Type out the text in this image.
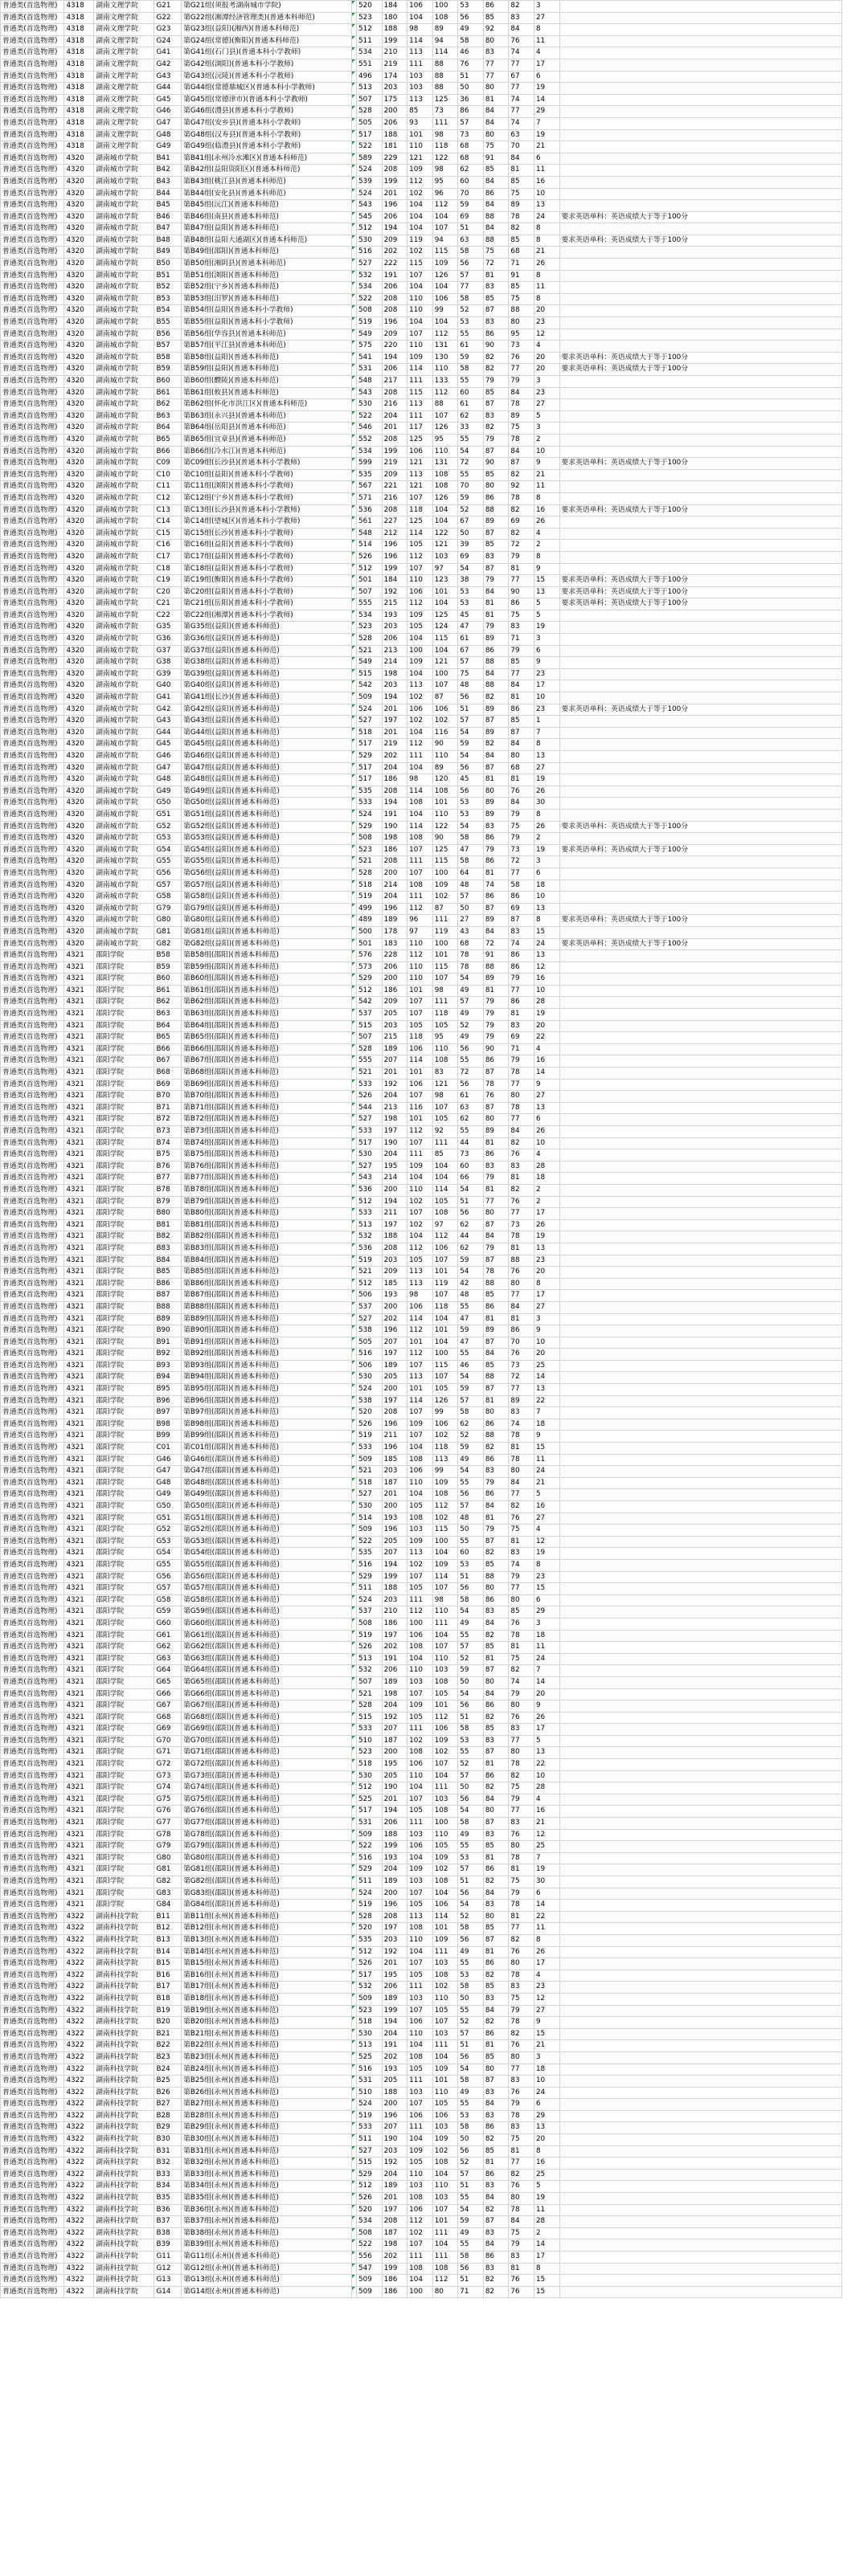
普通类(首选物理)	4318	湖南文理学院	G21	第G21组(须报考湖南城市学院)		520	184	106	100	53	86	82	3	
普通类(首选物理)	4318	湖南文理学院	G22	第G22组(湘潭经济管理类)(普通本科师范)		523	180	104	108	56	85	83	27	
普通类(首选物理)	4318	湖南文理学院	G23	第G23组(益阳)(湘西)(普通本科师范)		512	188	98	89	49	92	84	8	
普通类(首选物理)	4318	湖南文理学院	G24	第G24组(常德)(衡阳)(普通本科师范)		511	199	114	94	58	80	76	11	
普通类(首选物理)	4318	湖南文理学院	G41	第G41组(石门县)(普通本科小学教师)		534	210	113	114	46	83	74	4	
普通类(首选物理)	4318	湖南文理学院	G42	第G42组(浏阳)(普通本科小学教师)		551	219	111	88	76	77	77	17	
普通类(首选物理)	4318	湖南文理学院	G43	第G43组(沅陵)(普通本科小学教师)		496	174	103	88	51	77	67	6	
普通类(首选物理)	4318	湖南文理学院	G44	第G44组(常德鼎城区)(普通本科小学教师)		513	203	103	88	50	80	77	19	
普通类(首选物理)	4318	湖南文理学院	G45	第G45组(常德津市)(普通本科小学教师)		507	175	113	125	36	81	74	14	
普通类(首选物理)	4318	湖南文理学院	G46	第G46组(澧县)(普通本科小学教师)		528	200	85	73	86	84	77	29	
普通类(首选物理)	4318	湖南文理学院	G47	第G47组(安乡县)(普通本科小学教师)		505	206	93	111	57	84	74	7	
普通类(首选物理)	4318	湖南文理学院	G48	第G48组(汉寿县)(普通本科小学教师)		517	188	101	98	73	80	63	19	
普通类(首选物理)	4318	湖南文理学院	G49	第G49组(临澧县)(普通本科小学教师)		522	181	110	118	68	75	70	21	
普通类(首选物理)	4320	湖南城市学院	B41	第B41组(永州冷水滩区)(普通本科师范)		589	229	121	122	68	91	84	6	
普通类(首选物理)	4320	湖南城市学院	B42	第B42组(益阳资阳区)(普通本科师范)		524	208	109	98	62	85	81	11	
普通类(首选物理)	4320	湖南城市学院	B43	第B43组(桃江县)(普通本科师范)		539	199	112	95	60	84	85	16	
普通类(首选物理)	4320	湖南城市学院	B44	第B44组(安化县)(普通本科师范)		524	201	102	96	70	86	75	10	
普通类(首选物理)	4320	湖南城市学院	B45	第B45组(沅江)(普通本科师范)		543	196	104	112	59	84	89	13	
普通类(首选物理)	4320	湖南城市学院	B46	第B46组(南县)(普通本科师范)		545	206	104	104	69	88	78	24	要求英语单科：英语成绩大于等于100分
普通类(首选物理)	4320	湖南城市学院	B47	第B47组(益阳)(普通本科师范)		512	194	104	107	51	84	82	8	
普通类(首选物理)	4320	湖南城市学院	B48	第B48组(益阳大通湖区)(普通本科师范)		530	209	119	94	63	88	85	8	要求英语单科：英语成绩大于等于100分
普通类(首选物理)	4320	湖南城市学院	B49	第B49组(邵阳)(普通本科师范)		516	202	102	115	58	75	68	21	
普通类(首选物理)	4320	湖南城市学院	B50	第B50组(湘阴县)(普通本科师范)		527	222	115	109	56	72	71	26	
普通类(首选物理)	4320	湖南城市学院	B51	第B51组(浏阳)(普通本科师范)		532	191	107	126	57	81	91	8	
普通类(首选物理)	4320	湖南城市学院	B52	第B52组(宁乡)(普通本科师范)		534	206	104	104	77	83	85	11	
普通类(首选物理)	4320	湖南城市学院	B53	第B53组(汨罗)(普通本科师范)		522	208	110	106	58	85	75	8	
普通类(首选物理)	4320	湖南城市学院	B54	第B54组(益阳)(普通本科小学教师)		508	208	110	99	52	87	88	20	
普通类(首选物理)	4320	湖南城市学院	B55	第B55组(益阳)(普通本科小学教师)		519	196	104	104	53	83	80	23	
普通类(首选物理)	4320	湖南城市学院	B56	第B56组(华容县)(普通本科师范)		549	209	107	112	55	86	95	12	
普通类(首选物理)	4320	湖南城市学院	B57	第B57组(平江县)(普通本科师范)		575	220	110	131	61	90	73	4	
普通类(首选物理)	4320	湖南城市学院	B58	第B58组(益阳)(普通本科师范)		541	194	109	130	59	82	76	20	要求英语单科：英语成绩大于等于100分
普通类(首选物理)	4320	湖南城市学院	B59	第B59组(益阳)(普通本科师范)		531	206	114	110	58	82	77	20	要求英语单科：英语成绩大于等于100分
普通类(首选物理)	4320	湖南城市学院	B60	第B60组(醴陵)(普通本科师范)		548	217	111	133	55	79	79	3	
普通类(首选物理)	4320	湖南城市学院	B61	第B61组(攸县)(普通本科师范)		543	208	115	112	60	85	84	23	
普通类(首选物理)	4320	湖南城市学院	B62	第B62组(怀化市洪江区)(普通本科师范)		530	216	113	88	61	87	78	27	
普通类(首选物理)	4320	湖南城市学院	B63	第B63组(永兴县)(普通本科师范)		522	204	111	107	62	83	89	5	
普通类(首选物理)	4320	湖南城市学院	B64	第B64组(岳阳县)(普通本科师范)		546	201	117	126	33	82	75	3	
普通类(首选物理)	4320	湖南城市学院	B65	第B65组(宜章县)(普通本科师范)		552	208	125	95	55	79	78	2	
普通类(首选物理)	4320	湖南城市学院	B66	第B66组(冷水江)(普通本科师范)		534	199	106	110	54	87	84	10	
普通类(首选物理)	4320	湖南城市学院	C09	第C09组(长沙县)(普通本科小学教师)		599	219	121	131	72	90	87	9	要求英语单科：英语成绩大于等于100分
普通类(首选物理)	4320	湖南城市学院	C10	第C10组(益阳)(普通本科小学教师)		535	209	113	108	55	85	82	21	
普通类(首选物理)	4320	湖南城市学院	C11	第C11组(浏阳)(普通本科小学教师)		567	221	121	108	70	80	92	11	
普通类(首选物理)	4320	湖南城市学院	C12	第C12组(宁乡)(普通本科小学教师)		571	216	107	126	59	86	78	8	
普通类(首选物理)	4320	湖南城市学院	C13	第C13组(长沙县)(普通本科小学教师)		536	208	118	104	52	88	82	16	要求英语单科：英语成绩大于等于100分
普通类(首选物理)	4320	湖南城市学院	C14	第C14组(望城区)(普通本科小学教师)		561	227	125	104	67	89	69	26	
普通类(首选物理)	4320	湖南城市学院	C15	第C15组(长沙)(普通本科小学教师)		548	212	114	122	50	87	82	4	
普通类(首选物理)	4320	湖南城市学院	C16	第C16组(益阳)(普通本科小学教师)		514	196	105	121	39	85	72	2	
普通类(首选物理)	4320	湖南城市学院	C17	第C17组(益阳)(普通本科小学教师)		526	196	112	103	69	83	79	8	
普通类(首选物理)	4320	湖南城市学院	C18	第C18组(益阳)(普通本科小学教师)		512	199	107	97	54	87	81	9	
普通类(首选物理)	4320	湖南城市学院	C19	第C19组(衡阳)(普通本科小学教师)		501	184	110	123	38	79	77	15	要求英语单科：英语成绩大于等于100分
普通类(首选物理)	4320	湖南城市学院	C20	第C20组(益阳)(普通本科小学教师)		507	192	106	101	53	84	90	13	要求英语单科：英语成绩大于等于100分
普通类(首选物理)	4320	湖南城市学院	C21	第C21组(岳阳)(普通本科小学教师)		555	215	112	104	53	81	86	5	要求英语单科：英语成绩大于等于100分
普通类(首选物理)	4320	湖南城市学院	C22	第C22组(湘潭)(普通本科小学教师)		534	193	109	125	45	81	75	5	
普通类(首选物理)	4320	湖南城市学院	G35	第G35组(益阳)(普通本科师范)		523	203	105	124	47	79	83	19	
普通类(首选物理)	4320	湖南城市学院	G36	第G36组(益阳)(普通本科师范)		528	206	104	115	61	89	71	3	
普通类(首选物理)	4320	湖南城市学院	G37	第G37组(益阳)(普通本科师范)		521	213	100	104	67	86	79	6	
普通类(首选物理)	4320	湖南城市学院	G38	第G38组(益阳)(普通本科师范)		549	214	109	121	57	88	85	9	
普通类(首选物理)	4320	湖南城市学院	G39	第G39组(益阳)(普通本科师范)		515	198	104	100	75	84	77	23	
普通类(首选物理)	4320	湖南城市学院	G40	第G40组(益阳)(普通本科师范)		542	203	113	107	48	88	84	17	
普通类(首选物理)	4320	湖南城市学院	G41	第G41组(长沙)(普通本科师范)		509	194	102	87	56	82	81	10	
普通类(首选物理)	4320	湖南城市学院	G42	第G42组(益阳)(普通本科师范)		524	201	106	106	51	89	86	23	要求英语单科：英语成绩大于等于100分
普通类(首选物理)	4320	湖南城市学院	G43	第G43组(益阳)(普通本科师范)		527	197	102	102	57	87	85	1	
普通类(首选物理)	4320	湖南城市学院	G44	第G44组(益阳)(普通本科师范)		518	201	104	116	54	89	87	7	
普通类(首选物理)	4320	湖南城市学院	G45	第G45组(益阳)(普通本科师范)		517	219	112	90	59	82	84	8	
普通类(首选物理)	4320	湖南城市学院	G46	第G46组(益阳)(普通本科师范)		529	202	111	110	54	84	80	13	
普通类(首选物理)	4320	湖南城市学院	G47	第G47组(益阳)(普通本科师范)		517	204	104	89	56	87	68	27	
普通类(首选物理)	4320	湖南城市学院	G48	第G48组(益阳)(普通本科师范)		517	186	98	120	45	81	81	19	
普通类(首选物理)	4320	湖南城市学院	G49	第G49组(益阳)(普通本科师范)		535	208	114	108	56	80	76	26	
普通类(首选物理)	4320	湖南城市学院	G50	第G50组(益阳)(普通本科师范)		533	194	108	101	53	89	84	30	
普通类(首选物理)	4320	湖南城市学院	G51	第G51组(益阳)(普通本科师范)		524	191	104	110	53	89	79	8	
普通类(首选物理)	4320	湖南城市学院	G52	第G52组(益阳)(普通本科师范)		529	190	114	122	54	83	75	26	要求英语单科：英语成绩大于等于100分
普通类(首选物理)	4320	湖南城市学院	G53	第G53组(益阳)(普通本科师范)		508	198	108	90	58	86	79	2	
普通类(首选物理)	4320	湖南城市学院	G54	第G54组(益阳)(普通本科师范)		523	186	107	125	47	79	73	19	要求英语单科：英语成绩大于等于100分
普通类(首选物理)	4320	湖南城市学院	G55	第G55组(益阳)(普通本科师范)		521	208	111	115	58	86	72	3	
普通类(首选物理)	4320	湖南城市学院	G56	第G56组(益阳)(普通本科师范)		528	200	107	100	64	81	77	6	
普通类(首选物理)	4320	湖南城市学院	G57	第G57组(益阳)(普通本科师范)		518	214	108	109	48	74	58	18	
普通类(首选物理)	4320	湖南城市学院	G58	第G58组(益阳)(普通本科师范)		519	204	111	102	57	86	86	10	
普通类(首选物理)	4320	湖南城市学院	G79	第G79组(益阳)(普通本科师范)		499	196	112	87	50	87	69	13	
普通类(首选物理)	4320	湖南城市学院	G80	第G80组(益阳)(普通本科师范)		489	189	96	111	27	89	87	8	要求英语单科：英语成绩大于等于100分
普通类(首选物理)	4320	湖南城市学院	G81	第G81组(益阳)(普通本科师范)		500	178	97	119	43	84	83	15	
普通类(首选物理)	4320	湖南城市学院	G82	第G82组(益阳)(普通本科师范)		501	183	110	100	68	72	74	24	要求英语单科：英语成绩大于等于100分
普通类(首选物理)	4321	邵阳学院	B58	第B58组(邵阳)(普通本科师范)		576	228	112	101	78	91	86	13	
普通类(首选物理)	4321	邵阳学院	B59	第B59组(邵阳)(普通本科师范)		573	206	110	115	78	88	86	12	
普通类(首选物理)	4321	邵阳学院	B60	第B60组(邵阳)(普通本科师范)		529	200	110	107	54	89	79	16	
普通类(首选物理)	4321	邵阳学院	B61	第B61组(邵阳)(普通本科师范)		512	186	101	98	49	81	77	10	
普通类(首选物理)	4321	邵阳学院	B62	第B62组(邵阳)(普通本科师范)		542	209	107	111	57	79	86	28	
普通类(首选物理)	4321	邵阳学院	B63	第B63组(邵阳)(普通本科师范)		537	205	107	118	49	79	81	19	
普通类(首选物理)	4321	邵阳学院	B64	第B64组(邵阳)(普通本科师范)		515	203	105	105	52	79	83	20	
普通类(首选物理)	4321	邵阳学院	B65	第B65组(邵阳)(普通本科师范)		507	215	118	95	49	79	69	22	
普通类(首选物理)	4321	邵阳学院	B66	第B66组(邵阳)(普通本科师范)		528	189	106	110	56	90	71	4	
普通类(首选物理)	4321	邵阳学院	B67	第B67组(邵阳)(普通本科师范)		555	207	114	108	55	86	79	16	
普通类(首选物理)	4321	邵阳学院	B68	第B68组(邵阳)(普通本科师范)		521	201	101	83	72	87	78	14	
普通类(首选物理)	4321	邵阳学院	B69	第B69组(邵阳)(普通本科师范)		533	192	106	121	56	78	77	9	
普通类(首选物理)	4321	邵阳学院	B70	第B70组(邵阳)(普通本科师范)		526	204	107	98	61	76	80	27	
普通类(首选物理)	4321	邵阳学院	B71	第B71组(邵阳)(普通本科师范)		544	213	116	107	63	87	78	13	
普通类(首选物理)	4321	邵阳学院	B72	第B72组(邵阳)(普通本科师范)		527	198	101	105	62	80	77	6	
普通类(首选物理)	4321	邵阳学院	B73	第B73组(邵阳)(普通本科师范)		533	197	112	92	55	89	84	26	
普通类(首选物理)	4321	邵阳学院	B74	第B74组(邵阳)(普通本科师范)		517	190	107	111	44	81	82	10	
普通类(首选物理)	4321	邵阳学院	B75	第B75组(邵阳)(普通本科师范)		530	204	111	85	73	86	76	4	
普通类(首选物理)	4321	邵阳学院	B76	第B76组(邵阳)(普通本科师范)		527	195	109	104	60	83	83	28	
普通类(首选物理)	4321	邵阳学院	B77	第B77组(邵阳)(普通本科师范)		543	214	104	104	66	79	81	18	
普通类(首选物理)	4321	邵阳学院	B78	第B78组(邵阳)(普通本科师范)		536	200	110	114	54	81	82	2	
普通类(首选物理)	4321	邵阳学院	B79	第B79组(邵阳)(普通本科师范)		512	194	102	105	51	77	76	2	
普通类(首选物理)	4321	邵阳学院	B80	第B80组(邵阳)(普通本科师范)		533	211	107	108	56	80	77	17	
普通类(首选物理)	4321	邵阳学院	B81	第B81组(邵阳)(普通本科师范)		513	197	102	97	62	87	73	26	
普通类(首选物理)	4321	邵阳学院	B82	第B82组(邵阳)(普通本科师范)		532	188	104	112	44	84	78	19	
普通类(首选物理)	4321	邵阳学院	B83	第B83组(邵阳)(普通本科师范)		536	208	112	106	62	79	81	13	
普通类(首选物理)	4321	邵阳学院	B84	第B84组(邵阳)(普通本科师范)		519	203	105	107	59	87	88	23	
普通类(首选物理)	4321	邵阳学院	B85	第B85组(邵阳)(普通本科师范)		521	209	113	101	54	78	76	20	
普通类(首选物理)	4321	邵阳学院	B86	第B86组(邵阳)(普通本科师范)		512	185	113	119	42	88	80	8	
普通类(首选物理)	4321	邵阳学院	B87	第B87组(邵阳)(普通本科师范)		506	193	98	107	48	85	77	17	
普通类(首选物理)	4321	邵阳学院	B88	第B88组(邵阳)(普通本科师范)		537	200	106	118	55	86	84	27	
普通类(首选物理)	4321	邵阳学院	B89	第B89组(邵阳)(普通本科师范)		527	202	114	104	47	81	81	3	
普通类(首选物理)	4321	邵阳学院	B90	第B90组(邵阳)(普通本科师范)		538	196	112	101	59	89	86	9	
普通类(首选物理)	4321	邵阳学院	B91	第B91组(邵阳)(普通本科师范)		505	207	101	104	47	87	70	10	
普通类(首选物理)	4321	邵阳学院	B92	第B92组(邵阳)(普通本科师范)		516	197	112	100	55	84	76	20	
普通类(首选物理)	4321	邵阳学院	B93	第B93组(邵阳)(普通本科师范)		506	189	107	115	46	85	73	25	
普通类(首选物理)	4321	邵阳学院	B94	第B94组(邵阳)(普通本科师范)		530	205	113	107	54	88	72	14	
普通类(首选物理)	4321	邵阳学院	B95	第B95组(邵阳)(普通本科师范)		524	200	101	105	59	87	77	13	
普通类(首选物理)	4321	邵阳学院	B96	第B96组(邵阳)(普通本科师范)		538	197	114	126	57	81	89	22	
普通类(首选物理)	4321	邵阳学院	B97	第B97组(邵阳)(普通本科师范)		520	208	107	99	58	80	83	7	
普通类(首选物理)	4321	邵阳学院	B98	第B98组(邵阳)(普通本科师范)		526	196	109	106	62	86	74	18	
普通类(首选物理)	4321	邵阳学院	B99	第B99组(邵阳)(普通本科师范)		519	211	107	102	52	88	78	9	
普通类(首选物理)	4321	邵阳学院	C01	第C01组(邵阳)(普通本科师范)		533	196	104	118	59	82	81	15	
普通类(首选物理)	4321	邵阳学院	G46	第G46组(邵阳)(普通本科师范)		509	185	108	113	49	86	78	11	
普通类(首选物理)	4321	邵阳学院	G47	第G47组(邵阳)(普通本科师范)		521	203	106	99	54	83	80	24	
普通类(首选物理)	4321	邵阳学院	G48	第G48组(邵阳)(普通本科师范)		518	187	110	109	55	79	84	21	
普通类(首选物理)	4321	邵阳学院	G49	第G49组(邵阳)(普通本科师范)		527	201	104	108	56	86	77	5	
普通类(首选物理)	4321	邵阳学院	G50	第G50组(邵阳)(普通本科师范)		530	200	105	112	57	84	82	16	
普通类(首选物理)	4321	邵阳学院	G51	第G51组(邵阳)(普通本科师范)		514	193	108	102	48	81	76	27	
普通类(首选物理)	4321	邵阳学院	G52	第G52组(邵阳)(普通本科师范)		509	196	103	115	50	79	75	4	
普通类(首选物理)	4321	邵阳学院	G53	第G53组(邵阳)(普通本科师范)		522	205	109	100	55	87	81	12	
普通类(首选物理)	4321	邵阳学院	G54	第G54组(邵阳)(普通本科师范)		535	207	113	104	60	82	83	19	
普通类(首选物理)	4321	邵阳学院	G55	第G55组(邵阳)(普通本科师范)		516	194	102	109	53	85	74	8	
普通类(首选物理)	4321	邵阳学院	G56	第G56组(邵阳)(普通本科师范)		529	199	107	114	51	88	79	23	
普通类(首选物理)	4321	邵阳学院	G57	第G57组(邵阳)(普通本科师范)		511	188	105	107	56	80	77	15	
普通类(首选物理)	4321	邵阳学院	G58	第G58组(邵阳)(普通本科师范)		524	203	111	98	58	86	80	6	
普通类(首选物理)	4321	邵阳学院	G59	第G59组(邵阳)(普通本科师范)		537	210	112	110	54	83	85	29	
普通类(首选物理)	4321	邵阳学院	G60	第G60组(邵阳)(普通本科师范)		508	186	100	111	49	84	76	3	
普通类(首选物理)	4321	邵阳学院	G61	第G61组(邵阳)(普通本科师范)		519	197	106	104	55	82	78	18	
普通类(首选物理)	4321	邵阳学院	G62	第G62组(邵阳)(普通本科师范)		526	202	108	107	57	85	81	11	
普通类(首选物理)	4321	邵阳学院	G63	第G63组(邵阳)(普通本科师范)		513	191	104	110	52	81	75	24	
普通类(首选物理)	4321	邵阳学院	G64	第G64组(邵阳)(普通本科师范)		532	206	110	103	59	87	82	7	
普通类(首选物理)	4321	邵阳学院	G65	第G65组(邵阳)(普通本科师范)		507	189	103	108	50	80	74	14	
普通类(首选物理)	4321	邵阳学院	G66	第G66组(邵阳)(普通本科师范)		521	198	107	105	54	84	79	20	
普通类(首选物理)	4321	邵阳学院	G67	第G67组(邵阳)(普通本科师范)		528	204	109	101	56	86	80	9	
普通类(首选物理)	4321	邵阳学院	G68	第G68组(邵阳)(普通本科师范)		515	192	105	112	51	82	76	26	
普通类(首选物理)	4321	邵阳学院	G69	第G69组(邵阳)(普通本科师范)		533	207	111	106	58	85	83	17	
普通类(首选物理)	4321	邵阳学院	G70	第G70组(邵阳)(普通本科师范)		510	187	102	109	53	83	77	5	
普通类(首选物理)	4321	邵阳学院	G71	第G71组(邵阳)(普通本科师范)		523	200	108	102	55	87	80	13	
普通类(首选物理)	4321	邵阳学院	G72	第G72组(邵阳)(普通本科师范)		518	195	106	107	52	81	78	22	
普通类(首选物理)	4321	邵阳学院	G73	第G73组(邵阳)(普通本科师范)		530	205	110	104	57	86	82	10	
普通类(首选物理)	4321	邵阳学院	G74	第G74组(邵阳)(普通本科师范)		512	190	104	111	50	82	75	28	
普通类(首选物理)	4321	邵阳学院	G75	第G75组(邵阳)(普通本科师范)		525	201	107	103	56	84	79	4	
普通类(首选物理)	4321	邵阳学院	G76	第G76组(邵阳)(普通本科师范)		517	194	105	108	54	80	77	16	
普通类(首选物理)	4321	邵阳学院	G77	第G77组(邵阳)(普通本科师范)		531	206	111	100	58	87	83	21	
普通类(首选物理)	4321	邵阳学院	G78	第G78组(邵阳)(普通本科师范)		509	188	103	110	49	83	76	12	
普通类(首选物理)	4321	邵阳学院	G79	第G79组(邵阳)(普通本科师范)		522	199	106	105	55	85	80	25	
普通类(首选物理)	4321	邵阳学院	G80	第G80组(邵阳)(普通本科师范)		516	193	104	109	53	81	78	7	
普通类(首选物理)	4321	邵阳学院	G81	第G81组(邵阳)(普通本科师范)		529	204	109	102	57	86	81	19	
普通类(首选物理)	4321	邵阳学院	G82	第G82组(邵阳)(普通本科师范)		511	189	103	108	51	82	75	30	
普通类(首选物理)	4321	邵阳学院	G83	第G83组(邵阳)(普通本科师范)		524	200	107	104	56	84	79	6	
普通类(首选物理)	4321	邵阳学院	G84	第G84组(邵阳)(普通本科师范)		519	196	105	106	54	83	78	14	
普通类(首选物理)	4322	湖南科技学院	B11	第B11组(永州)(普通本科师范)		528	208	113	114	52	80	81	22	
普通类(首选物理)	4322	湖南科技学院	B12	第B12组(永州)(普通本科师范)		520	197	108	101	58	85	77	11	
普通类(首选物理)	4322	湖南科技学院	B13	第B13组(永州)(普通本科师范)		535	203	110	109	56	87	82	8	
普通类(首选物理)	4322	湖南科技学院	B14	第B14组(永州)(普通本科师范)		512	192	104	111	49	81	76	26	
普通类(首选物理)	4322	湖南科技学院	B15	第B15组(永州)(普通本科师范)		526	201	107	103	55	86	80	17	
普通类(首选物理)	4322	湖南科技学院	B16	第B16组(永州)(普通本科师范)		517	195	105	108	53	82	78	4	
普通类(首选物理)	4322	湖南科技学院	B17	第B17组(永州)(普通本科师范)		532	206	111	102	58	85	83	23	
普通类(首选物理)	4322	湖南科技学院	B18	第B18组(永州)(普通本科师范)		509	189	103	110	50	83	75	12	
普通类(首选物理)	4322	湖南科技学院	B19	第B19组(永州)(普通本科师范)		523	199	107	105	55	84	79	27	
普通类(首选物理)	4322	湖南科技学院	B20	第B20组(永州)(普通本科师范)		518	194	106	107	52	82	78	9	
普通类(首选物理)	4322	湖南科技学院	B21	第B21组(永州)(普通本科师范)		530	204	110	103	57	86	82	15	
普通类(首选物理)	4322	湖南科技学院	B22	第B22组(永州)(普通本科师范)		513	191	104	111	51	81	76	21	
普通类(首选物理)	4322	湖南科技学院	B23	第B23组(永州)(普通本科师范)		525	202	108	104	56	85	80	3	
普通类(首选物理)	4322	湖南科技学院	B24	第B24组(永州)(普通本科师范)		516	193	105	109	54	80	77	18	
普通类(首选物理)	4322	湖南科技学院	B25	第B25组(永州)(普通本科师范)		531	205	111	101	58	87	83	10	
普通类(首选物理)	4322	湖南科技学院	B26	第B26组(永州)(普通本科师范)		510	188	103	110	49	83	76	24	
普通类(首选物理)	4322	湖南科技学院	B27	第B27组(永州)(普通本科师范)		524	200	107	105	55	84	79	6	
普通类(首选物理)	4322	湖南科技学院	B28	第B28组(永州)(普通本科师范)		519	196	106	106	53	83	78	29	
普通类(首选物理)	4322	湖南科技学院	B29	第B29组(永州)(普通本科师范)		533	207	111	103	58	86	83	13	
普通类(首选物理)	4322	湖南科技学院	B30	第B30组(永州)(普通本科师范)		511	190	104	109	50	82	75	20	
普通类(首选物理)	4322	湖南科技学院	B31	第B31组(永州)(普通本科师范)		527	203	109	102	56	85	81	8	
普通类(首选物理)	4322	湖南科技学院	B32	第B32组(永州)(普通本科师范)		515	192	105	108	52	81	77	16	
普通类(首选物理)	4322	湖南科技学院	B33	第B33组(永州)(普通本科师范)		529	204	110	104	57	86	82	25	
普通类(首选物理)	4322	湖南科技学院	B34	第B34组(永州)(普通本科师范)		512	189	103	110	51	83	76	5	
普通类(首选物理)	4322	湖南科技学院	B35	第B35组(永州)(普通本科师范)		526	201	108	103	55	84	80	19	
普通类(首选物理)	4322	湖南科技学院	B36	第B36组(永州)(普通本科师范)		520	197	106	107	54	82	78	11	
普通类(首选物理)	4322	湖南科技学院	B37	第B37组(永州)(普通本科师范)		534	208	112	101	59	87	84	28	
普通类(首选物理)	4322	湖南科技学院	B38	第B38组(永州)(普通本科师范)		508	187	102	111	49	83	75	2	
普通类(首选物理)	4322	湖南科技学院	B39	第B39组(永州)(普通本科师范)		522	198	107	104	55	84	79	14	
普通类(首选物理)	4322	湖南科技学院	G11	第G11组(永州)(普通本科师范)		556	202	111	111	58	86	83	17	
普通类(首选物理)	4322	湖南科技学院	G12	第G12组(永州)(普通本科师范)		547	199	108	108	56	83	81	8	
普通类(首选物理)	4322	湖南科技学院	G13	第G13组(永州)(普通本科师范)		509	186	104	112	51	82	76	15	
普通类(首选物理)	4322	湖南科技学院	G14	第G14组(永州)(普通本科师范)		509	186	100	80	71	82	76	15	
